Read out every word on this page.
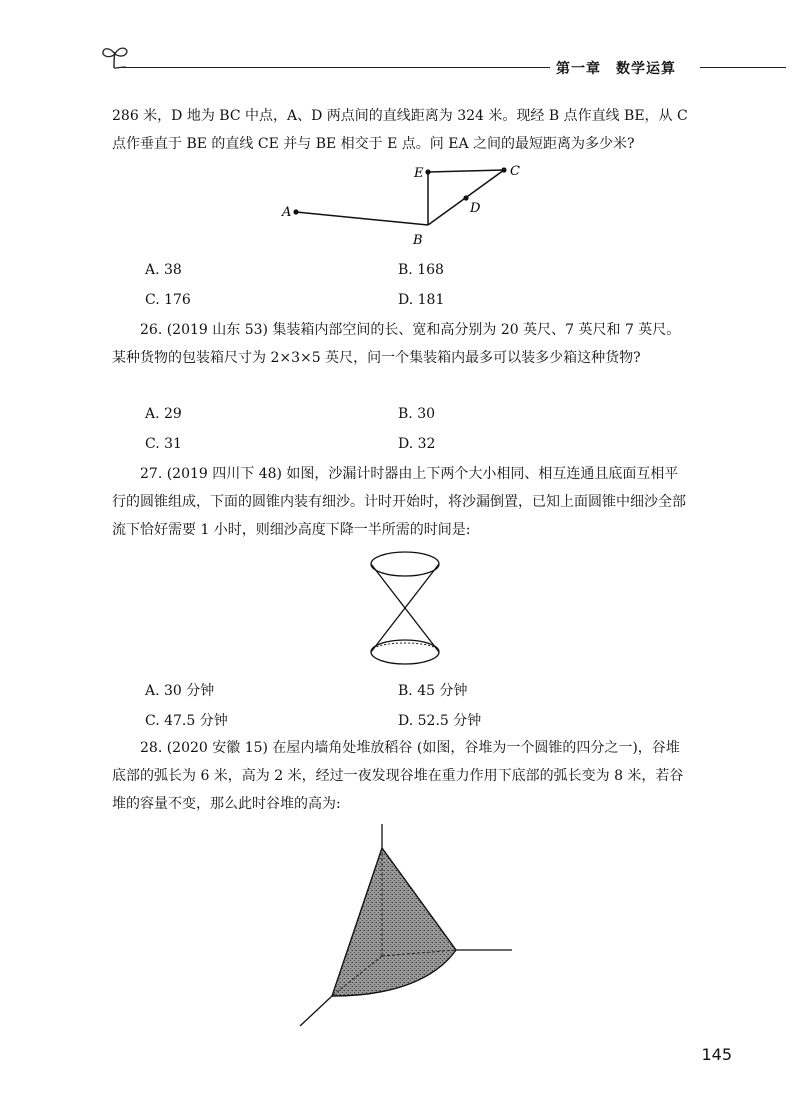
第一章　数学运算
286 米，D 地为 BC 中点，A、D 两点间的直线距离为 324 米。现经 B 点作直线 BE，从 C 点作垂直于 BE 的直线 CE 并与 BE 相交于 E 点。问 EA 之间的最短距离为多少米?
A
E	C
D
B
A. 38	B. 168
C. 176	D. 181
26. (2019 山东 53) 集装箱内部空间的长、宽和高分别为 20 英尺、7 英尺和 7 英尺。某种货物的包装箱尺寸为 2×3×5 英尺，问一个集装箱内最多可以装多少箱这种货物?
A. 29	B. 30
C. 31	D. 32
27. (2019 四川下 48) 如图，沙漏计时器由上下两个大小相同、相互连通且底面互相平行的圆锥组成，下面的圆锥内装有细沙。计时开始时，将沙漏倒置，已知上面圆锥中细沙全部流下恰好需要 1 小时，则细沙高度下降一半所需的时间是:
A. 30 分钟	B. 45 分钟
C. 47.5 分钟	D. 52.5 分钟
28. (2020 安徽 15) 在屋内墙角处堆放稻谷 (如图，谷堆为一个圆锥的四分之一)，谷堆底部的弧长为 6 米，高为 2 米，经过一夜发现谷堆在重力作用下底部的弧长变为 8 米，若谷堆的容量不变，那么此时谷堆的高为:
145
